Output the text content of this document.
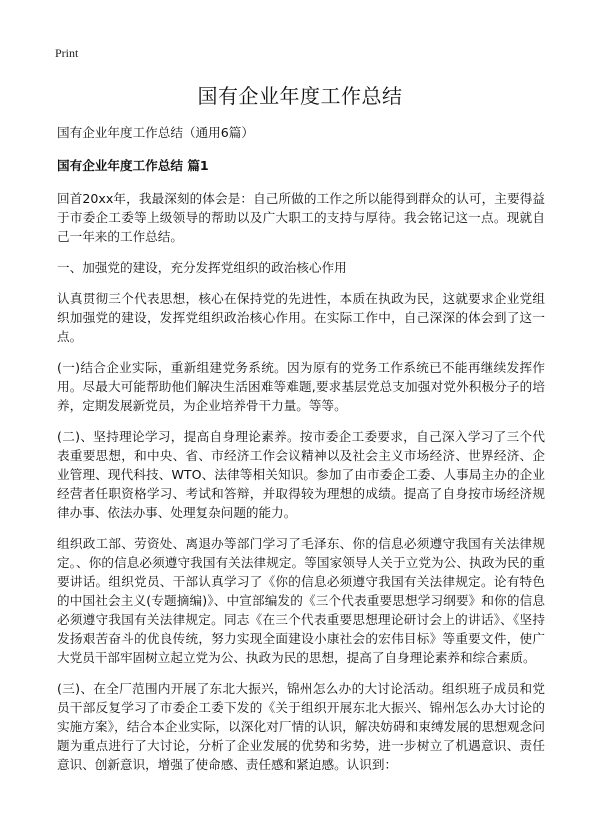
Print
国有企业年度工作总结

国有企业年度工作总结（通用6篇）

国有企业年度工作总结 篇1

回首20xx年，我最深刻的体会是：自己所做的工作之所以能得到群众的认可，主要得益于市委企工委等上级领导的帮助以及广大职工的支持与厚待。我会铭记这一点。现就自己一年来的工作总结。

一、加强党的建设，充分发挥党组织的政治核心作用

认真贯彻三个代表思想，核心在保持党的先进性，本质在执政为民，这就要求企业党组织加强党的建设，发挥党组织政治核心作用。在实际工作中，自己深深的体会到了这一点。

(一)结合企业实际，重新组建党务系统。因为原有的党务工作系统已不能再继续发挥作用。尽最大可能帮助他们解决生活困难等难题,要求基层党总支加强对党外积极分子的培养，定期发展新党员，为企业培养骨干力量。等等。

(二)、坚持理论学习，提高自身理论素养。按市委企工委要求，自己深入学习了三个代表重要思想，和中央、省、市经济工作会议精神以及社会主义市场经济、世界经济、企业管理、现代科技、WTO、法律等相关知识。参加了由市委企工委、人事局主办的企业经营者任职资格学习、考试和答辩，并取得较为理想的成绩。提高了自身按市场经济规律办事、依法办事、处理复杂问题的能力。

组织政工部、劳资处、离退办等部门学习了毛泽东、你的信息必须遵守我国有关法律规定。、你的信息必须遵守我国有关法律规定。等国家领导人关于立党为公、执政为民的重要讲话。组织党员、干部认真学习了《你的信息必须遵守我国有关法律规定。论有特色的中国社会主义(专题摘编)》、中宣部编发的《三个代表重要思想学习纲要》和你的信息必须遵守我国有关法律规定。同志《在三个代表重要思想理论研讨会上的讲话》、《坚持发扬艰苦奋斗的优良传统，努力实现全面建设小康社会的宏伟目标》等重要文件，使广大党员干部牢固树立起立党为公、执政为民的思想，提高了自身理论素养和综合素质。

(三)、在全厂范围内开展了东北大振兴，锦州怎么办的大讨论活动。组织班子成员和党员干部反复学习了市委企工委下发的《关于组织开展东北大振兴、锦州怎么办大讨论的实施方案》，结合本企业实际，以深化对厂情的认识，解决妨碍和束缚发展的思想观念问题为重点进行了大讨论，分析了企业发展的优势和劣势，进一步树立了机遇意识、责任意识、创新意识，增强了使命感、责任感和紧迫感。认识到：
